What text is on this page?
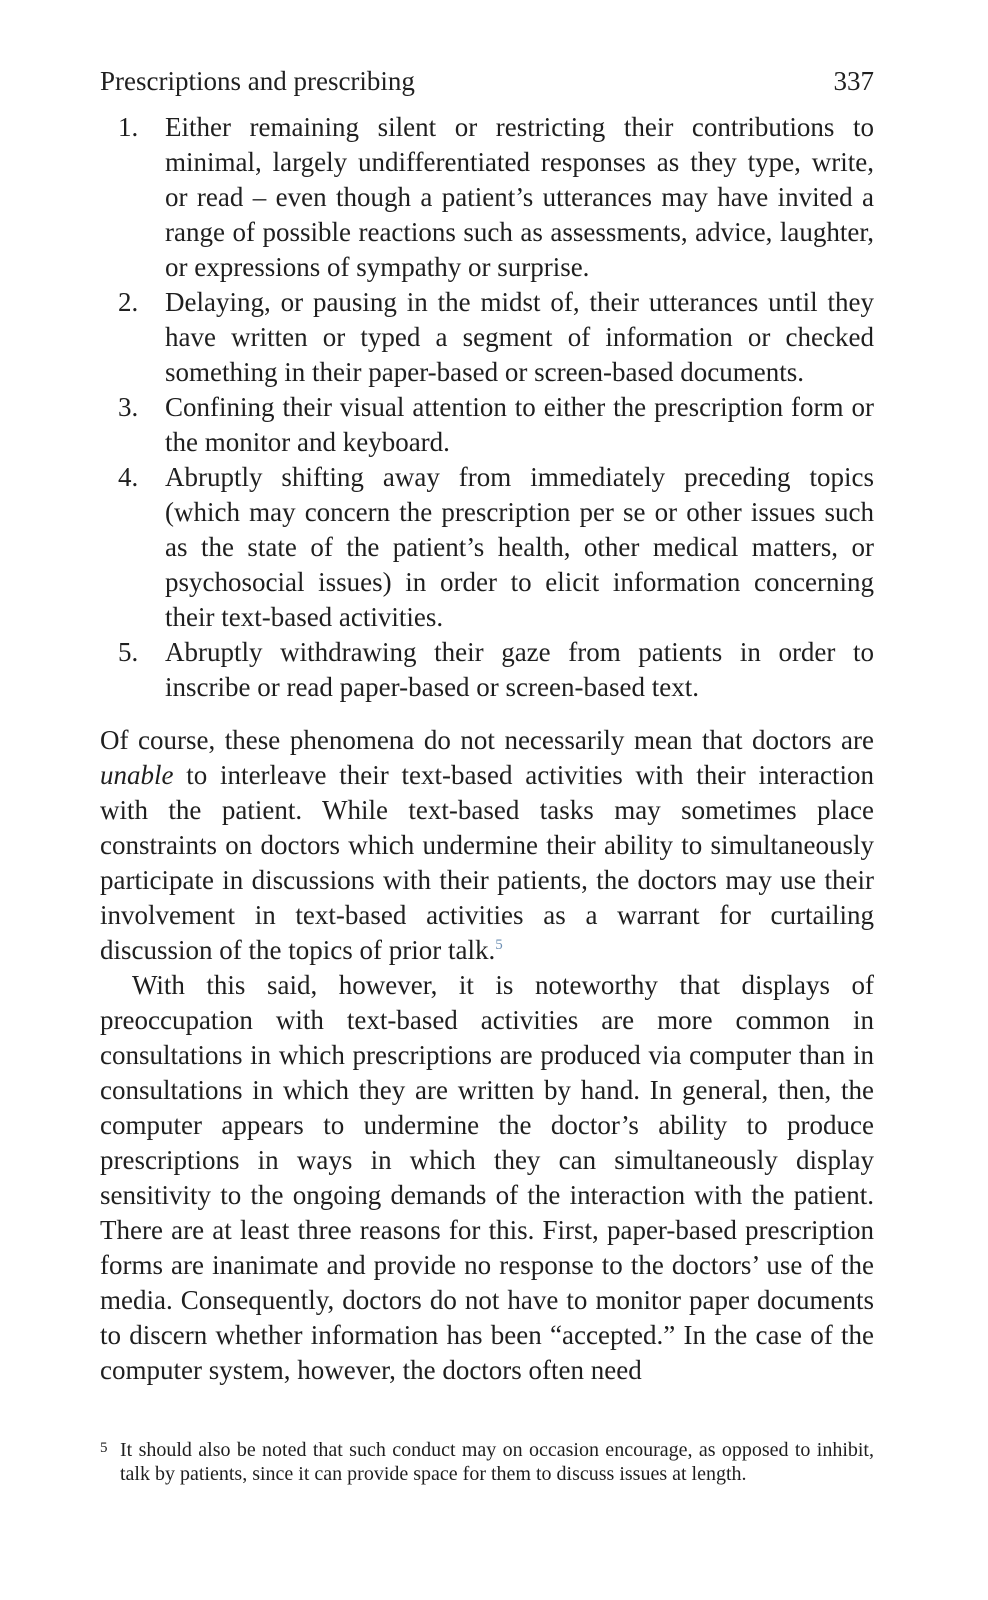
Prescriptions and prescribing	337
1. Either remaining silent or restricting their contributions to minimal, largely undifferentiated responses as they type, write, or read – even though a patient’s utterances may have invited a range of possible reactions such as assessments, advice, laughter, or expressions of sympathy or surprise.
2. Delaying, or pausing in the midst of, their utterances until they have written or typed a segment of information or checked something in their paper-based or screen-based documents.
3. Confining their visual attention to either the prescription form or the monitor and keyboard.
4. Abruptly shifting away from immediately preceding topics (which may concern the prescription per se or other issues such as the state of the patient’s health, other medical matters, or psychosocial issues) in order to elicit information concerning their text-based activities.
5. Abruptly withdrawing their gaze from patients in order to inscribe or read paper-based or screen-based text.

Of course, these phenomena do not necessarily mean that doctors are unable to interleave their text-based activities with their interaction with the patient. While text-based tasks may sometimes place constraints on doctors which undermine their ability to simultaneously participate in discussions with their patients, the doctors may use their involvement in text-based activities as a warrant for curtailing discussion of the topics of prior talk.$^5$

With this said, however, it is noteworthy that displays of preoccupation with text-based activities are more common in consultations in which prescriptions are produced via computer than in consultations in which they are written by hand. In general, then, the computer appears to undermine the doctor’s ability to produce prescriptions in ways in which they can simultaneously display sensitivity to the ongoing demands of the interaction with the patient. There are at least three reasons for this. First, paper-based prescription forms are inanimate and provide no response to the doctors’ use of the media. Consequently, doctors do not have to monitor paper documents to discern whether information has been “accepted.” In the case of the computer system, however, the doctors often need

5 It should also be noted that such conduct may on occasion encourage, as opposed to inhibit, talk by patients, since it can provide space for them to discuss issues at length.
